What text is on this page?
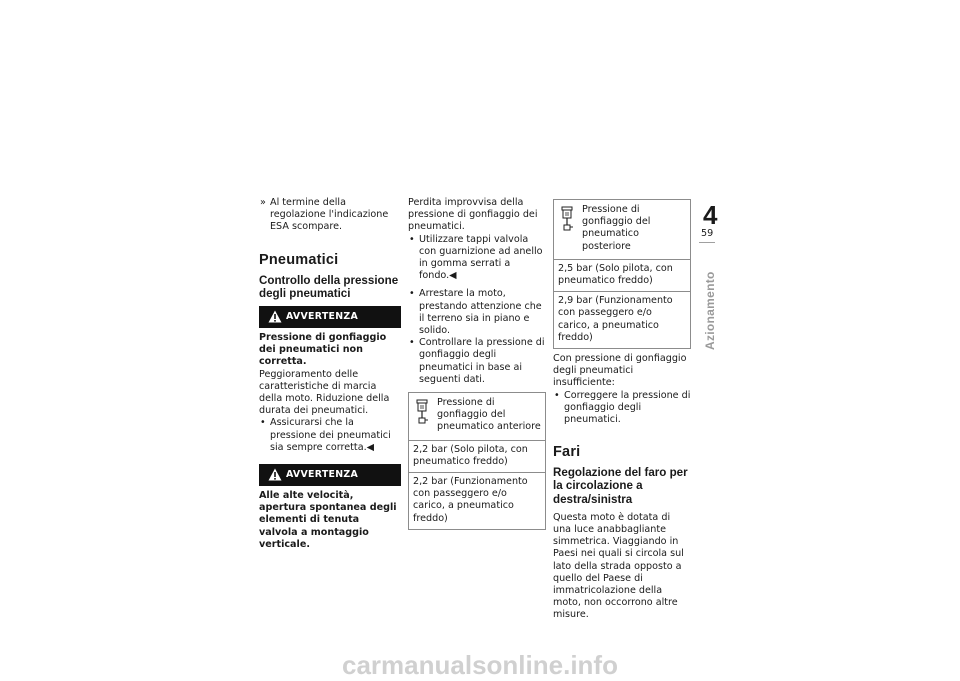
» Al termine della regolazione l'indicazione ESA scompare.

Pneumatici
Controllo della pressione degli pneumatici
AVVERTENZA

Pressione di gonfiaggio dei pneumatici non corretta.

Peggioramento delle caratteristiche di marcia della moto. Riduzione della durata dei pneumatici.

• Assicurarsi che la pressione dei pneumatici sia sempre corretta.◀

AVVERTENZA

Alle alte velocità, apertura spontanea degli elementi di tenuta valvola a montaggio verticale.

Perdita improvvisa della pressione di gonfiaggio dei pneumatici.

• Utilizzare tappi valvola con guarnizione ad anello in gomma serrati a fondo.◀

• Arrestare la moto, prestando attenzione che il terreno sia in piano e solido.

• Controllare la pressione di gonfiaggio degli pneumatici in base ai seguenti dati.

Pressione di gonfiaggio del pneumatico anteriore
2,2 bar (Solo pilota, con pneumatico freddo)
2,2 bar (Funzionamento con passeggero e/o carico, a pneumatico freddo)
Pressione di gonfiaggio del pneumatico posteriore
2,5 bar (Solo pilota, con pneumatico freddo)
2,9 bar (Funzionamento con passeggero e/o carico, a pneumatico freddo)

Con pressione di gonfiaggio degli pneumatici insufficiente:

• Correggere la pressione di gonfiaggio degli pneumatici.

Fari
Regolazione del faro per la circolazione a destra/sinistra

Questa moto è dotata di una luce anabbagliante simmetrica. Viaggiando in Paesi nei quali si circola sul lato della strada opposto a quello del Paese di immatricolazione della moto, non occorrono altre misure.

4
59
Azionamento
carmanualsonline.info
